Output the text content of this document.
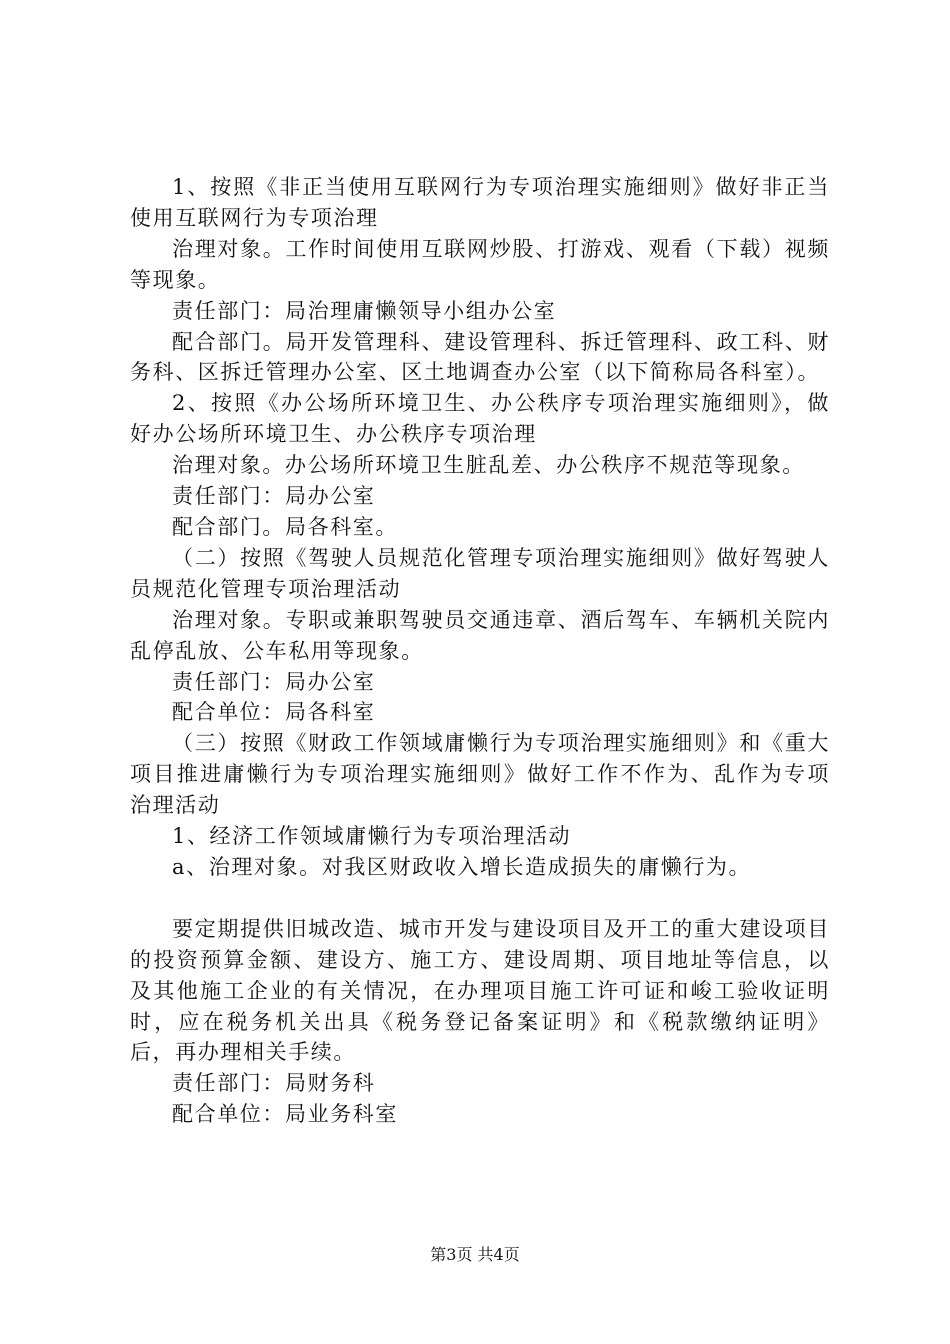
1、按照《非正当使用互联网行为专项治理实施细则》做好非正当使用互联网行为专项治理

治理对象。工作时间使用互联网炒股、打游戏、观看（下载）视频等现象。

责任部门：局治理庸懒领导小组办公室

配合部门。局开发管理科、建设管理科、拆迁管理科、政工科、财务科、区拆迁管理办公室、区土地调查办公室（以下简称局各科室）。

2、按照《办公场所环境卫生、办公秩序专项治理实施细则》，做好办公场所环境卫生、办公秩序专项治理

治理对象。办公场所环境卫生脏乱差、办公秩序不规范等现象。

责任部门：局办公室

配合部门。局各科室。

（二）按照《驾驶人员规范化管理专项治理实施细则》做好驾驶人员规范化管理专项治理活动

治理对象。专职或兼职驾驶员交通违章、酒后驾车、车辆机关院内乱停乱放、公车私用等现象。

责任部门：局办公室

配合单位：局各科室

（三）按照《财政工作领域庸懒行为专项治理实施细则》和《重大项目推进庸懒行为专项治理实施细则》做好工作不作为、乱作为专项治理活动

1、经济工作领域庸懒行为专项治理活动

a、治理对象。对我区财政收入增长造成损失的庸懒行为。

要定期提供旧城改造、城市开发与建设项目及开工的重大建设项目的投资预算金额、建设方、施工方、建设周期、项目地址等信息，以及其他施工企业的有关情况，在办理项目施工许可证和峻工验收证明时，应在税务机关出具《税务登记备案证明》和《税款缴纳证明》后，再办理相关手续。

责任部门：局财务科

配合单位：局业务科室

第3页 共4页
